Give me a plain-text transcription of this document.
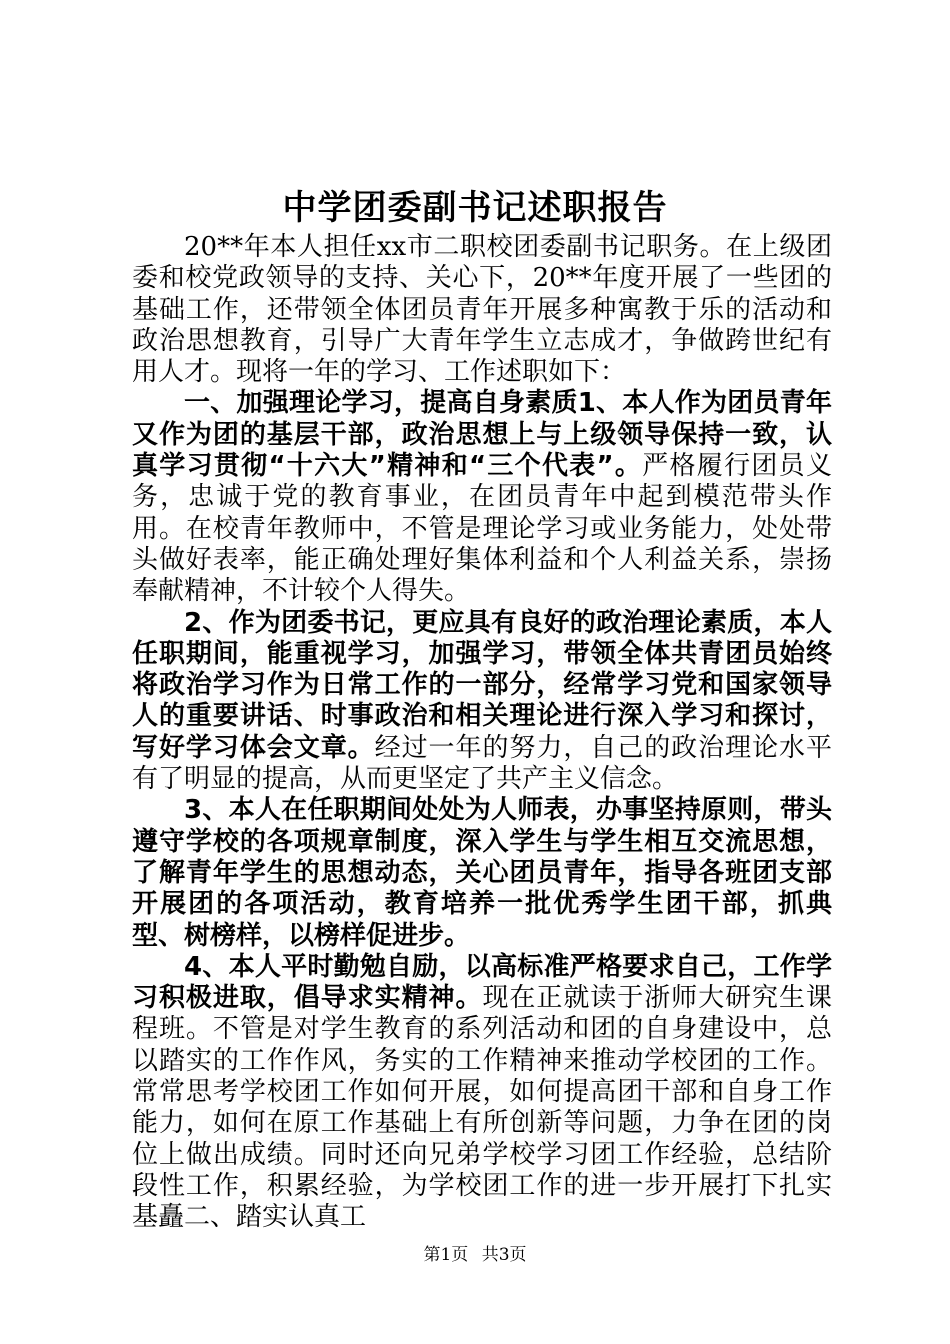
中学团委副书记述职报告

20**年本人担任xx市二职校团委副书记职务。在上级团委和校党政领导的支持、关心下，20**年度开展了一些团的基础工作，还带领全体团员青年开展多种寓教于乐的活动和政治思想教育，引导广大青年学生立志成才，争做跨世纪有用人才。现将一年的学习、工作述职如下：

一、加强理论学习，提高自身素质1、本人作为团员青年又作为团的基层干部，政治思想上与上级领导保持一致，认真学习贯彻“十六大”精神和“三个代表”。严格履行团员义务，忠诚于党的教育事业，在团员青年中起到模范带头作用。在校青年教师中，不管是理论学习或业务能力，处处带头做好表率，能正确处理好集体利益和个人利益关系，崇扬奉献精神，不计较个人得失。

2、作为团委书记，更应具有良好的政治理论素质，本人任职期间，能重视学习，加强学习，带领全体共青团员始终将政治学习作为日常工作的一部分，经常学习党和国家领导人的重要讲话、时事政治和相关理论进行深入学习和探讨，写好学习体会文章。经过一年的努力，自己的政治理论水平有了明显的提高，从而更坚定了共产主义信念。

3、本人在任职期间处处为人师表，办事坚持原则，带头遵守学校的各项规章制度，深入学生与学生相互交流思想，了解青年学生的思想动态，关心团员青年，指导各班团支部开展团的各项活动，教育培养一批优秀学生团干部，抓典型、树榜样，以榜样促进步。

4、本人平时勤勉自励，以高标准严格要求自己，工作学习积极进取，倡导求实精神。现在正就读于浙师大研究生课程班。不管是对学生教育的系列活动和团的自身建设中，总以踏实的工作作风，务实的工作精神来推动学校团的工作。常常思考学校团工作如何开展，如何提高团干部和自身工作能力，如何在原工作基础上有所创新等问题，力争在团的岗位上做出成绩。同时还向兄弟学校学习团工作经验，总结阶段性工作，积累经验，为学校团工作的进一步开展打下扎实基矗二、踏实认真工

第1页 共3页
